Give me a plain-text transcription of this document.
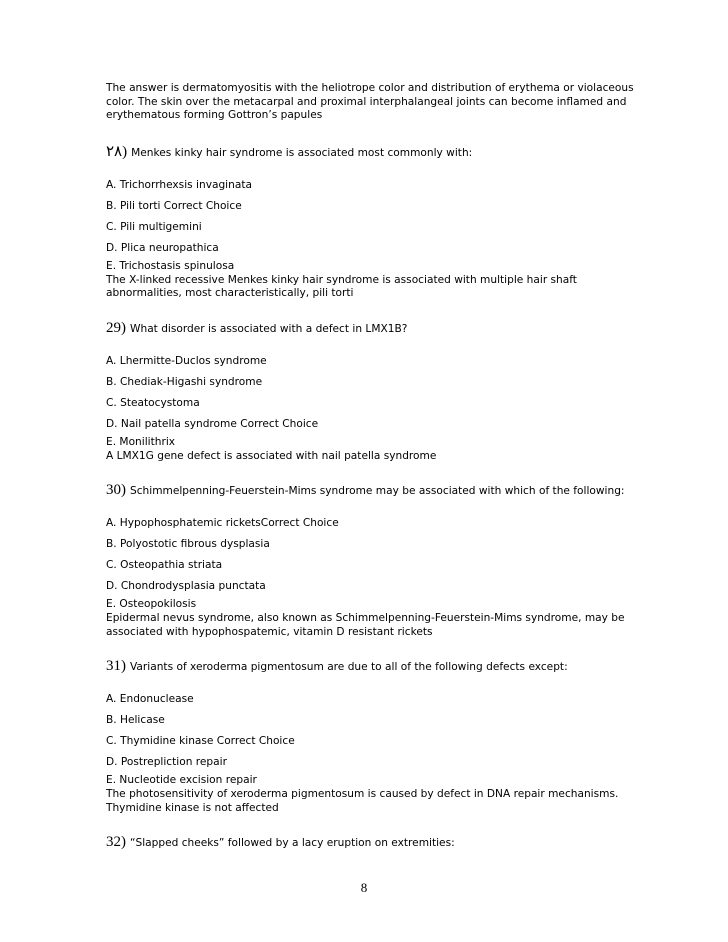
The answer is dermatomyositis with the heliotrope color and distribution of erythema or violaceous color. The skin over the metacarpal and proximal interphalangeal joints can become inflamed and erythematous forming Gottron’s papules

٢٨) Menkes kinky hair syndrome is associated most commonly with:
A. Trichorrhexsis invaginata
B. Pili torti Correct Choice
C. Pili multigemini
D. Plica neuropathica
E. Trichostasis spinulosa

The X-linked recessive Menkes kinky hair syndrome is associated with multiple hair shaft abnormalities, most characteristically, pili torti

29) What disorder is associated with a defect in LMX1B?
A. Lhermitte-Duclos syndrome
B. Chediak-Higashi syndrome
C. Steatocystoma
D. Nail patella syndrome Correct Choice
E. Monilithrix

A LMX1G gene defect is associated with nail patella syndrome

30) Schimmelpenning-Feuerstein-Mims syndrome may be associated with which of the following:
A. Hypophosphatemic ricketsCorrect Choice
B. Polyostotic fibrous dysplasia
C. Osteopathia striata
D. Chondrodysplasia punctata
E. Osteopokilosis

Epidermal nevus syndrome, also known as Schimmelpenning-Feuerstein-Mims syndrome, may be associated with hypophospatemic, vitamin D resistant rickets

31) Variants of xeroderma pigmentosum are due to all of the following defects except:
A. Endonuclease
B. Helicase
C. Thymidine kinase Correct Choice
D. Postrepliction repair
E. Nucleotide excision repair

The photosensitivity of xeroderma pigmentosum is caused by defect in DNA repair mechanisms. Thymidine kinase is not affected

32) “Slapped cheeks” followed by a lacy eruption on extremities:
8
